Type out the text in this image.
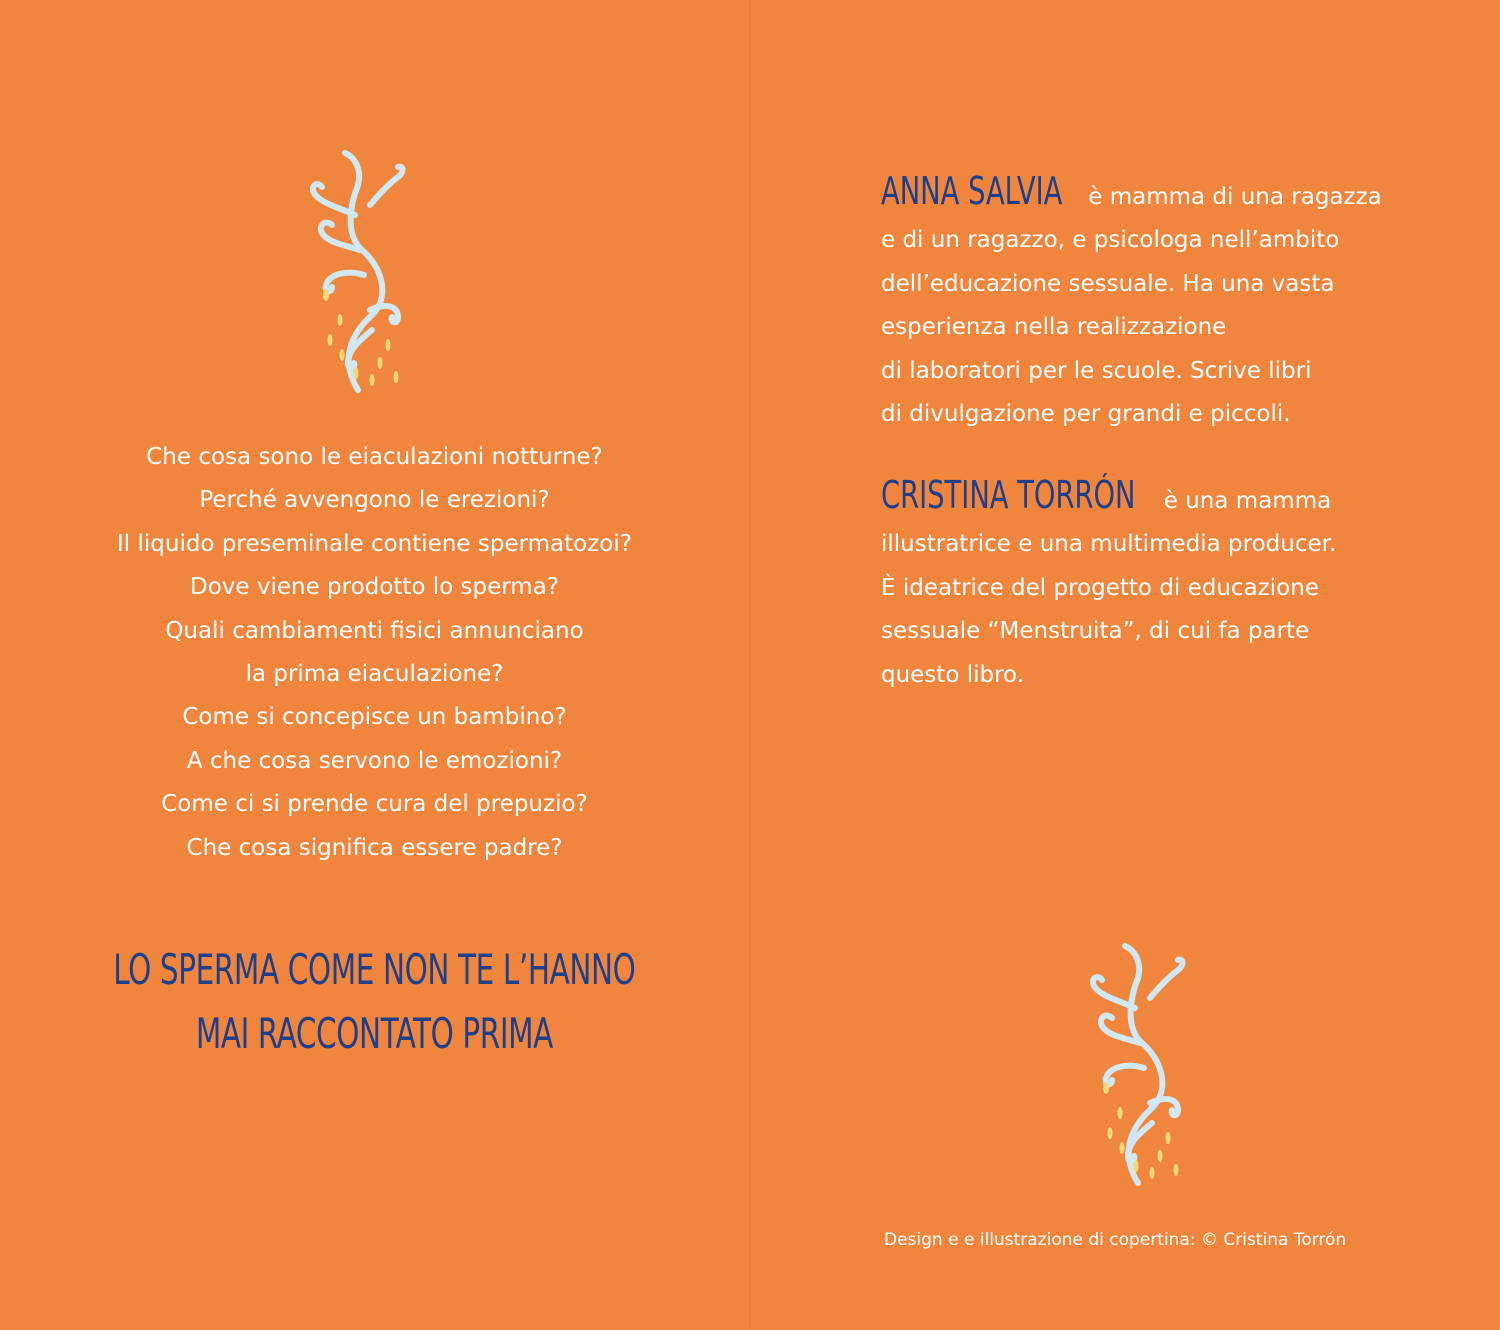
Che cosa sono le eiaculazioni notturne?
Perché avvengono le erezioni?
Il liquido preseminale contiene spermatozoi?
Dove viene prodotto lo sperma?
Quali cambiamenti fisici annunciano
la prima eiaculazione?
Come si concepisce un bambino?
A che cosa servono le emozioni?
Come ci si prende cura del prepuzio?
Che cosa significa essere padre?
LO SPERMA COME NON TE L’HANNO
MAI RACCONTATO PRIMA
ANNA SALVIA è mamma di una ragazza
e di un ragazzo, e psicologa nell’ambito
dell’educazione sessuale. Ha una vasta
esperienza nella realizzazione
di laboratori per le scuole. Scrive libri
di divulgazione per grandi e piccoli.
CRISTINA TORRÓN è una mamma
illustratrice e una multimedia producer.
È ideatrice del progetto di educazione
sessuale “Menstruita”, di cui fa parte
questo libro.
Design e e illustrazione di copertina: © Cristina Torrón
